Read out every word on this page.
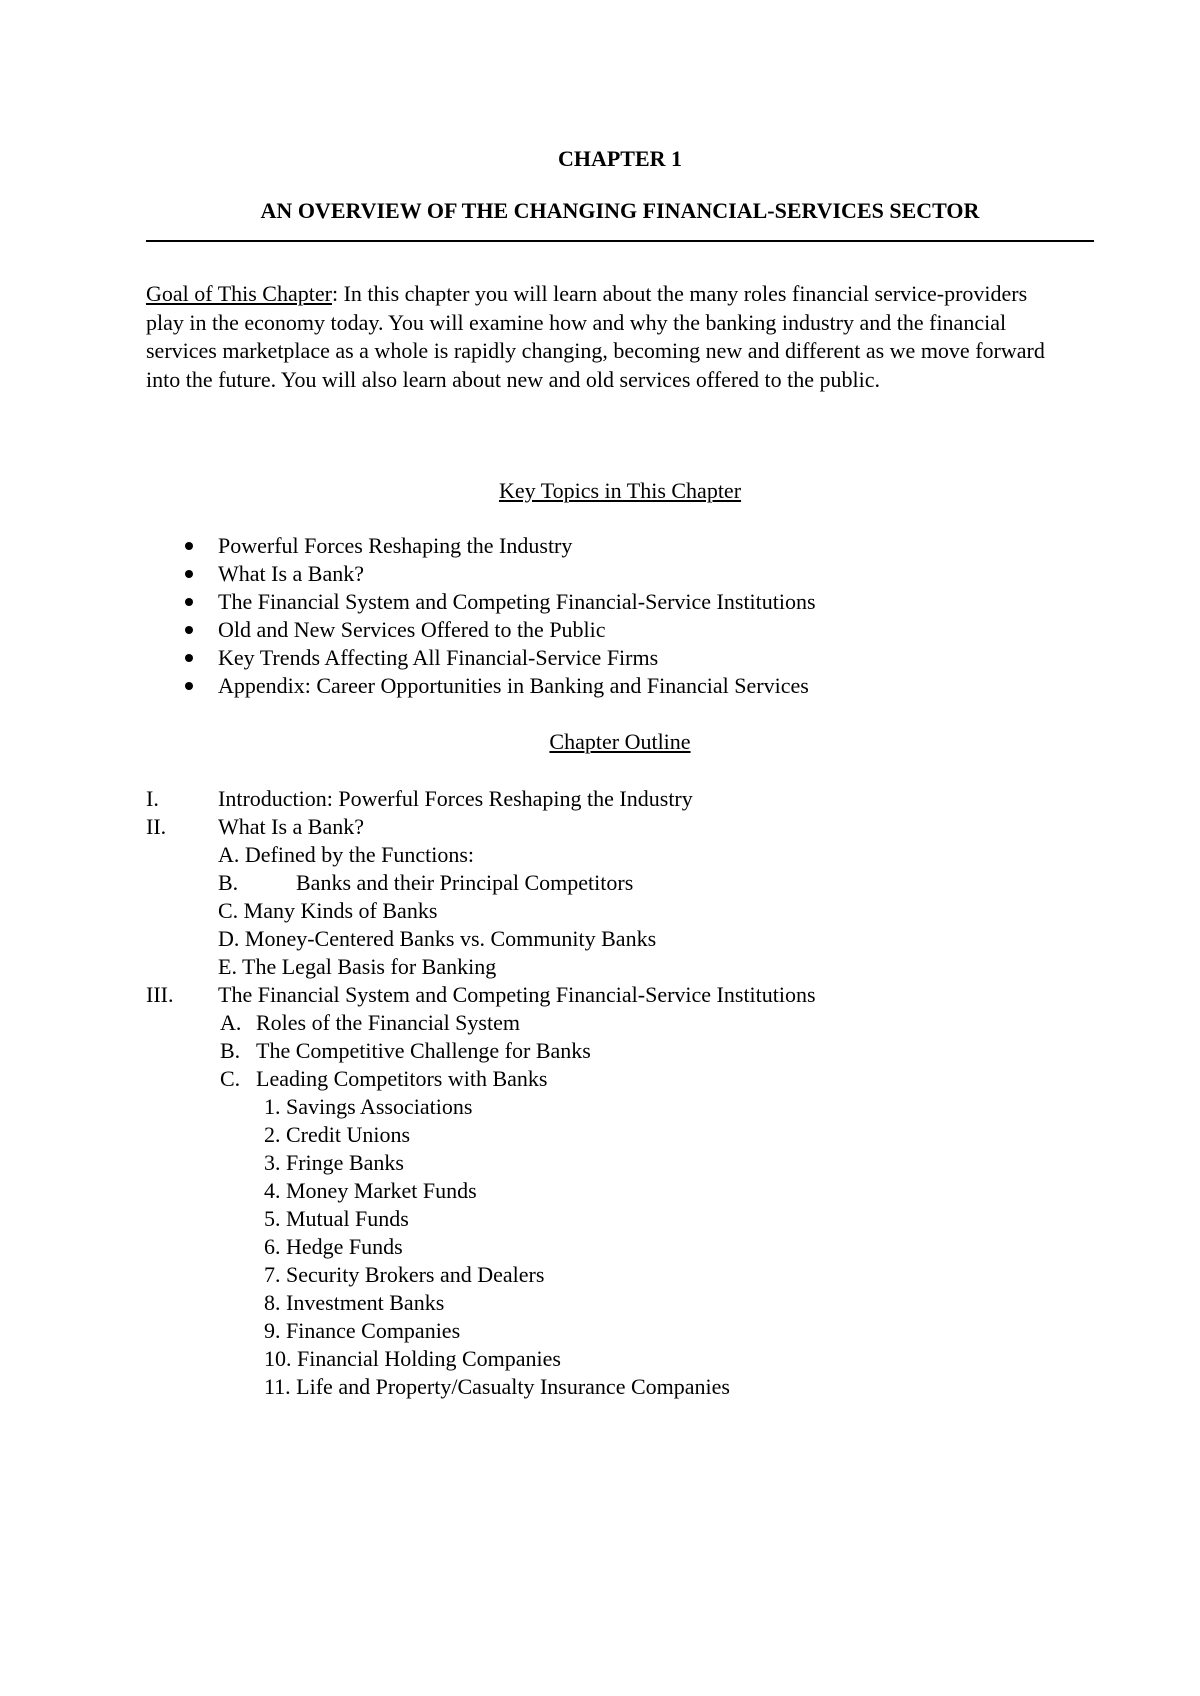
CHAPTER 1
AN OVERVIEW OF THE CHANGING FINANCIAL-SERVICES SECTOR
Goal of This Chapter: In this chapter you will learn about the many roles financial service-providers play in the economy today. You will examine how and why the banking industry and the financial services marketplace as a whole is rapidly changing, becoming new and different as we move forward into the future. You will also learn about new and old services offered to the public.
Key Topics in This Chapter
Powerful Forces Reshaping the Industry
What Is a Bank?
The Financial System and Competing Financial-Service Institutions
Old and New Services Offered to the Public
Key Trends Affecting All Financial-Service Firms
Appendix: Career Opportunities in Banking and Financial Services
Chapter Outline
I.	Introduction: Powerful Forces Reshaping the Industry
II. What Is a Bank?
A. Defined by the Functions:
B.	Banks and their Principal Competitors
C. Many Kinds of Banks
D. Money-Centered Banks vs. Community Banks
E. The Legal Basis for Banking
III. The Financial System and Competing Financial-Service Institutions
A. Roles of the Financial System
B. The Competitive Challenge for Banks
C. Leading Competitors with Banks
1. Savings Associations
2. Credit Unions
3. Fringe Banks
4. Money Market Funds
5. Mutual Funds
6. Hedge Funds
7. Security Brokers and Dealers
8. Investment Banks
9. Finance Companies
10. Financial Holding Companies
11. Life and Property/Casualty Insurance Companies
